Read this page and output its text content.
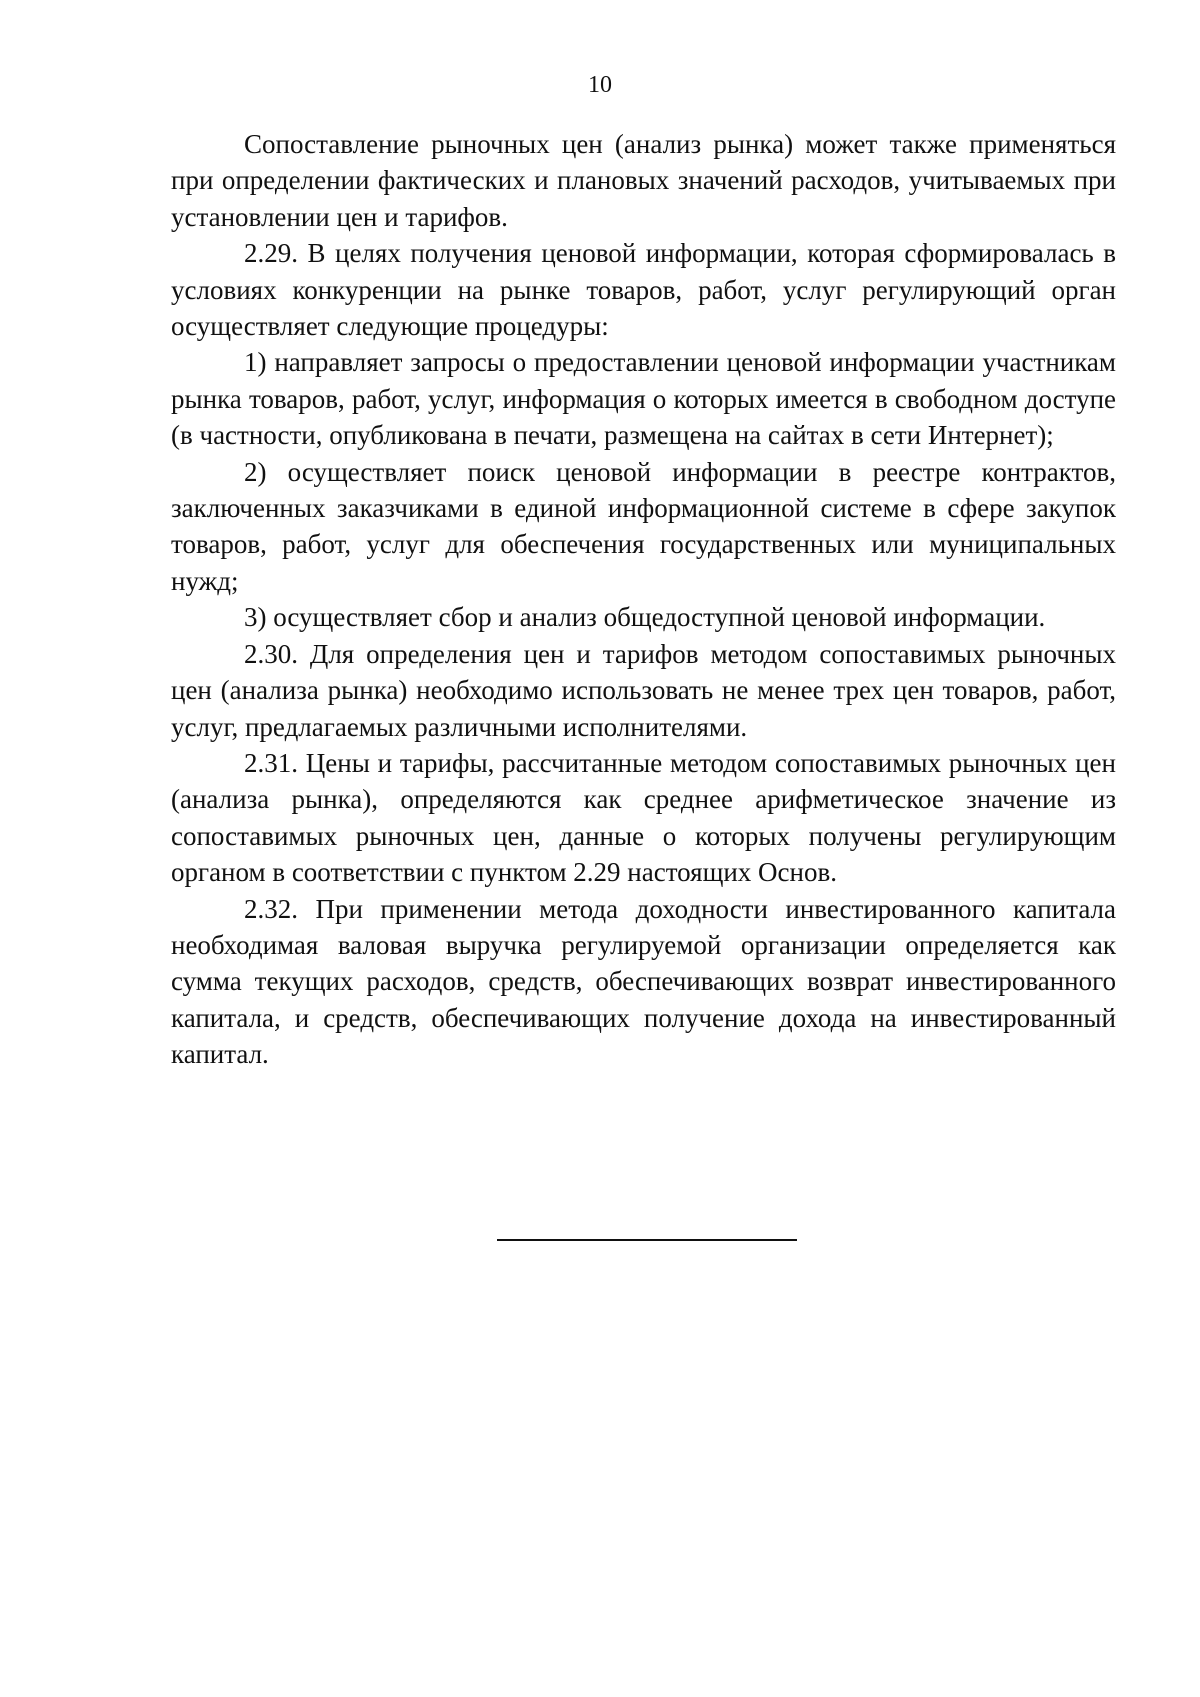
10

Сопоставление рыночных цен (анализ рынка) может также применяться при определении фактических и плановых значений расходов, учитываемых при установлении цен и тарифов.

2.29. В целях получения ценовой информации, которая сформировалась в условиях конкуренции на рынке товаров, работ, услуг регулирующий орган осуществляет следующие процедуры:

1) направляет запросы о предоставлении ценовой информации участникам рынка товаров, работ, услуг, информация о которых имеется в свободном доступе (в частности, опубликована в печати, размещена на сайтах в сети Интернет);

2) осуществляет поиск ценовой информации в реестре контрактов, заключенных заказчиками в единой информационной системе в сфере закупок товаров, работ, услуг для обеспечения государственных или муниципальных нужд;

3) осуществляет сбор и анализ общедоступной ценовой информации.

2.30. Для определения цен и тарифов методом сопоставимых рыночных цен (анализа рынка) необходимо использовать не менее трех цен товаров, работ, услуг, предлагаемых различными исполнителями.

2.31. Цены и тарифы, рассчитанные методом сопоставимых рыночных цен (анализа рынка), определяются как среднее арифметическое значение из сопоставимых рыночных цен, данные о которых получены регулирующим органом в соответствии с пунктом 2.29 настоящих Основ.

2.32. При применении метода доходности инвестированного капитала необходимая валовая выручка регулируемой организации определяется как сумма текущих расходов, средств, обеспечивающих возврат инвестированного капитала, и средств, обеспечивающих получение дохода на инвестированный капитал.
